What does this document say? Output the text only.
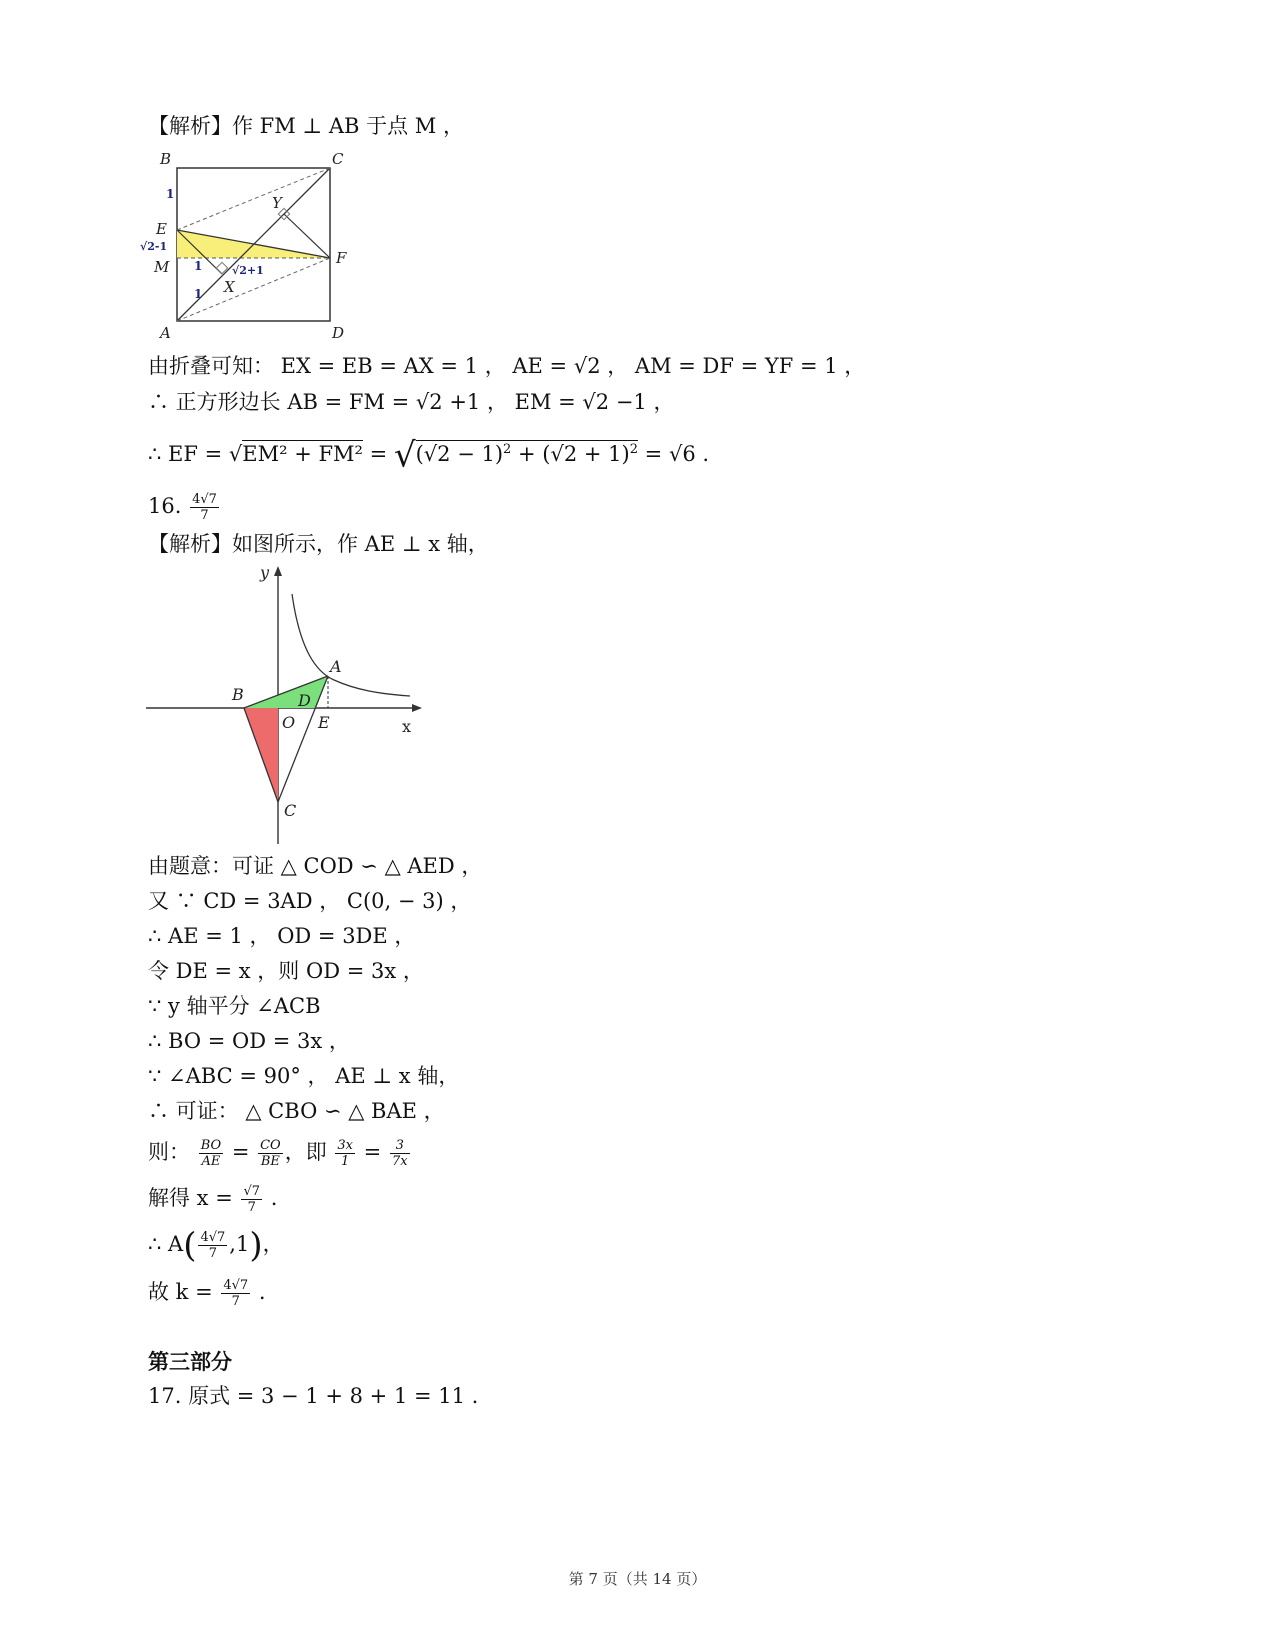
【解析】作 FM ⊥ AB 于点 M ，
B	C
E
M
A	D
F
Y
X
1
√2-1
1	√2+1
1
由折叠可知： EX = EB = AX = 1 ， AE = √2 ， AM = DF = YF = 1 ，
∴ 正方形边长 AB = FM = √2 +1 ， EM = √2 −1 ，
∴ EF = $√EM^2 + FM^2 = √(√2 - 1)^2 + (√2 + 1)^2 = √6$ .
16. $\frac{4√7}{7}$
【解析】如图所示，作 AE ⊥ x 轴，
y
x
A
B
O
D
E
C
由题意：可证 △ COD ∽ △ AED ，
又 ∵ CD = 3AD ， C(0, − 3) ，
∴ AE = 1 ， OD = 3DE ，
令 DE = x ，则 OD = 3x ，
∵ y 轴平分 ∠ACB
∴ BO = OD = 3x ，
∵ ∠ABC = 90° ， AE ⊥ x 轴，
∴ 可证： △ CBO ∽ △ BAE ，
则： $\frac{BO}{AE} = \frac{CO}{BE}$ ，即 $\frac{3x}{1} = \frac{3}{7x}$
解得 $x = \frac{√7}{7}$ .
∴ $A( \frac{4√7}{7} ,1)$，
故 $k = \frac{4√7}{7}$ .
第三部分
17. 原式 = 3 − 1 + 8 + 1 = 11 .
第 7 页（共 14 页）
